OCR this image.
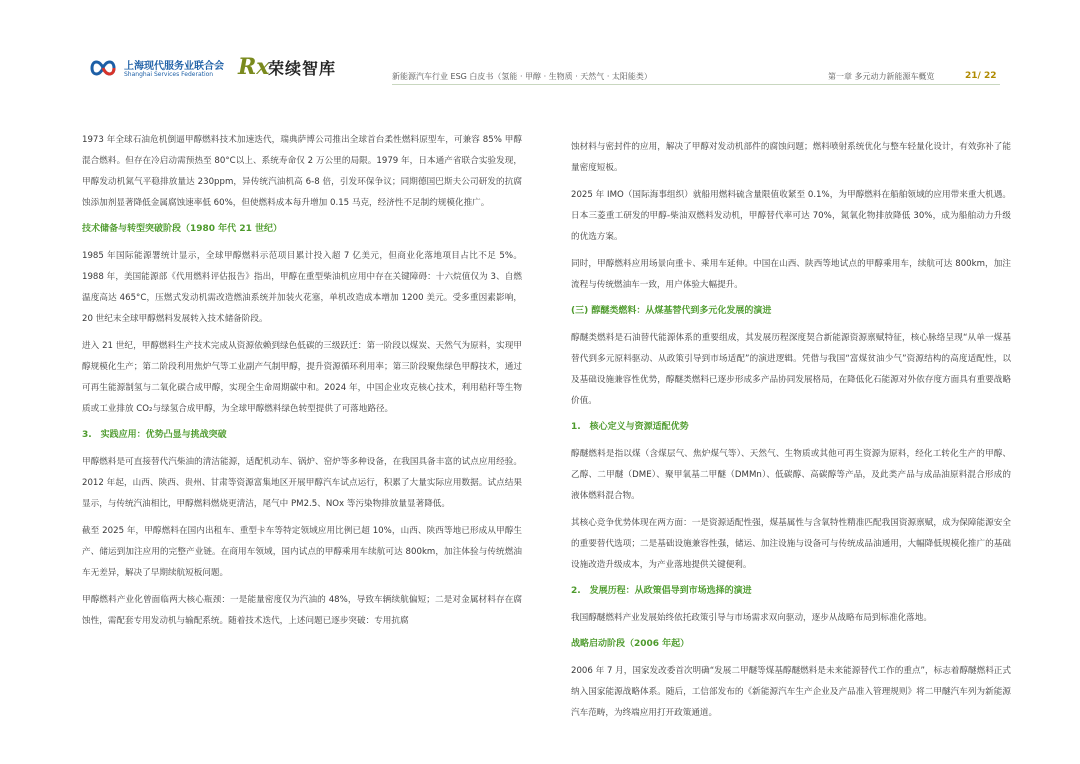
上海现代服务业联合会
Shanghai Services Federation Rx
荣续智库	新能源汽车行业 ESG 白皮书（氢能 · 甲醇 · 生物质 · 天然气 · 太阳能类）	第一章 多元动力新能源车概览	21/ 22

1973 年全球石油危机倒逼甲醇燃料技术加速迭代，瑞典萨博公司推出全球首台柔性燃料原型车，可兼容 85% 甲醇混合燃料。但存在冷启动需预热至 80°C以上、系统寿命仅 2 万公里的局限。1979 年，日本通产省联合实验发现，甲醇发动机氮气平稳排放量达 230ppm，异传统汽油机高 6-8 倍，引发环保争议；同期德国巴斯夫公司研发的抗腐蚀添加剂显著降低金属腐蚀速率低 60%，但使燃料成本每升增加 0.15 马克，经济性不足制约规模化推广。

技术储备与转型突破阶段（1980 年代 21 世纪）

1985 年国际能源署统计显示，全球甲醇燃料示范项目累计投入超 7 亿美元，但商业化落地项目占比不足 5%。1988 年，美国能源部《代用燃料评估报告》指出，甲醇在重型柴油机应用中存在关键障碍：十六烷值仅为 3、自燃温度高达 465°C，压燃式发动机需改造燃油系统并加装火花塞，单机改造成本增加 1200 美元。受多重因素影响，20 世纪末全球甲醇燃料发展转入技术储备阶段。

进入 21 世纪，甲醇燃料生产技术完成从资源依赖到绿色低碳的三级跃迁：第一阶段以煤炭、天然气为原料，实现甲醇规模化生产；第二阶段利用焦炉气等工业副产气制甲醇，提升资源循环利用率；第三阶段聚焦绿色甲醇技术，通过可再生能源制氢与二氧化碳合成甲醇，实现全生命周期碳中和。2024 年，中国企业攻克核心技术，利用秸秆等生物质或工业排放 CO₂与绿氢合成甲醇，为全球甲醇燃料绿色转型提供了可落地路径。

3.　实践应用：优势凸显与挑战突破

甲醇燃料是可直接替代汽柴油的清洁能源，适配机动车、锅炉、窑炉等多种设备，在我国具备丰富的试点应用经验。2012 年起，山西、陕西、贵州、甘肃等资源富集地区开展甲醇汽车试点运行，积累了大量实际应用数据。试点结果显示，与传统汽油相比，甲醇燃料燃烧更清洁，尾气中 PM2.5、NOx 等污染物排放量显著降低。

截至 2025 年，甲醇燃料在国内出租车、重型卡车等特定领域应用比例已超 10%，山西、陕西等地已形成从甲醇生产、储运到加注应用的完整产业链。在商用车领域，国内试点的甲醇乘用车续航可达 800km，加注体验与传统燃油车无差异，解决了早期续航短板问题。

甲醇燃料产业化曾面临两大核心瓶颈：一是能量密度仅为汽油的 48%，导致车辆续航偏短；二是对金属材料存在腐蚀性，需配套专用发动机与输配系统。随着技术迭代，上述问题已逐步突破：专用抗腐

蚀材料与密封件的应用，解决了甲醇对发动机部件的腐蚀问题；燃料喷射系统优化与整车轻量化设计，有效弥补了能量密度短板。

2025 年 IMO（国际海事组织）就船用燃料硫含量限值收紧至 0.1%，为甲醇燃料在船舶领域的应用带来重大机遇。日本三菱重工研发的甲醇-柴油双燃料发动机，甲醇替代率可达 70%，氮氧化物排放降低 30%，成为船舶动力升级的优选方案。

同时，甲醇燃料应用场景向重卡、乘用车延伸。中国在山西、陕西等地试点的甲醇乘用车，续航可达 800km，加注流程与传统燃油车一致，用户体验大幅提升。

(三) 醇醚类燃料：从煤基替代到多元化发展的演进

醇醚类燃料是石油替代能源体系的重要组成，其发展历程深度契合新能源资源禀赋特征，核心脉络呈现“从单一煤基替代到多元原料驱动、从政策引导到市场适配”的演进逻辑。凭借与我国“富煤贫油少气”资源结构的高度适配性，以及基础设施兼容性优势，醇醚类燃料已逐步形成多产品协同发展格局，在降低化石能源对外依存度方面具有重要战略价值。

1.　核心定义与资源适配优势

醇醚燃料是指以煤（含煤层气、焦炉煤气等）、天然气、生物质或其他可再生资源为原料，经化工转化生产的甲醇、乙醇、二甲醚（DME）、聚甲氧基二甲醚（DMMn）、低碳醇、高碳醇等产品，及此类产品与成品油原料混合形成的液体燃料混合物。

其核心竞争优势体现在两方面：一是资源适配性强，煤基属性与含氧特性精准匹配我国资源禀赋，成为保障能源安全的重要替代选项；二是基础设施兼容性强，储运、加注设施与设备可与传统成品油通用，大幅降低规模化推广的基础设施改造升级成本，为产业落地提供关键便利。

2.　发展历程：从政策倡导到市场选择的演进

我国醇醚燃料产业发展始终依托政策引导与市场需求双向驱动，逐步从战略布局到标准化落地。

战略启动阶段（2006 年起）

2006 年 7 月，国家发改委首次明确“发展二甲醚等煤基醇醚燃料是未来能源替代工作的重点”，标志着醇醚燃料正式纳入国家能源战略体系。随后，工信部发布的《新能源汽车生产企业及产品准入管理规则》将二甲醚汽车列为新能源汽车范畴，为终端应用打开政策通道。
